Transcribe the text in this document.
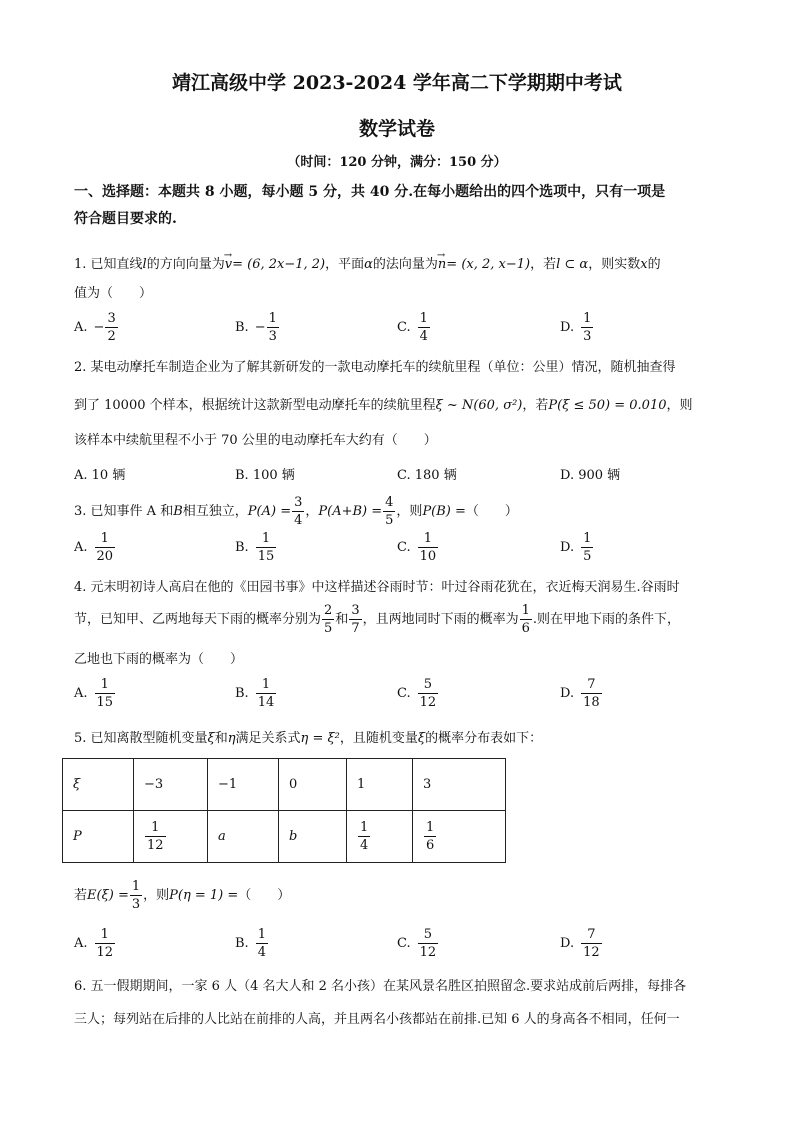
靖江高级中学 2023-2024 学年高二下学期期中考试
数学试卷
（时间：120 分钟，满分：150 分）
一、选择题：本题共 8 小题，每小题 5 分，共 40 分.在每小题给出的四个选项中，只有一项是
符合题目要求的.
1. 已知直线l的方向向量为→ v= (6, 2x−1, 2)，平面α的法向量为→ n= (x, 2, x−1)，若l ⊂ α，则实数x的
值为（　　）
A. − $\frac{3}{2}$	B. − $\frac{1}{3}$	C. $\frac{1}{4}$	D. $\frac{1}{3}$
2. 某电动摩托车制造企业为了解其新研发的一款电动摩托车的续航里程（单位：公里）情况，随机抽查得
到了 10000 个样本，根据统计这款新型电动摩托车的续航里程ξ ~ N(60, σ²)，若P(ξ ≤ 50) = 0.010，则
该样本中续航里程不小于 70 公里的电动摩托车大约有（　　）
A. 10 辆	B. 100 辆	C. 180 辆	D. 900 辆
3. 已知事件 A 和B相互独立，$P(A) = \frac{3}{4}$ ，$P(A+B) = \frac{4}{5}$ ，则P(B) =（　　）
A. $\frac{1}{20}$	B. $\frac{1}{15}$	C. $\frac{1}{10}$	D. $\frac{1}{5}$
4. 元末明初诗人高启在他的《田园书事》中这样描述谷雨时节：叶过谷雨花犹在，衣近梅天润易生.谷雨时
节，已知甲、乙两地每天下雨的概率分别为 $\frac{2}{5}$ 和 $\frac{3}{7}$ ，且两地同时下雨的概率为 $\frac{1}{6}$ .则在甲地下雨的条件下，
乙地也下雨的概率为（　　）
A. $\frac{1}{15}$	B. $\frac{1}{14}$	C. $\frac{5}{12}$	D. $\frac{7}{18}$
5. 已知离散型随机变量ξ和η满足关系式η = ξ²，且随机变量ξ的概率分布表如下：
ξ	−3	−1	0	1	3
P	$\frac{1}{12}$	a	b	$\frac{1}{4}$	$\frac{1}{6}$
若$E(\xi) = \frac{1}{3}$ ，则P(η = 1) =（　　）
A. $\frac{1}{12}$	B. $\frac{1}{4}$	C. $\frac{5}{12}$	D. $\frac{7}{12}$
6. 五一假期期间，一家 6 人（4 名大人和 2 名小孩）在某风景名胜区拍照留念.要求站成前后两排，每排各
三人；每列站在后排的人比站在前排的人高，并且两名小孩都站在前排.已知 6 人的身高各不相同，任何一
